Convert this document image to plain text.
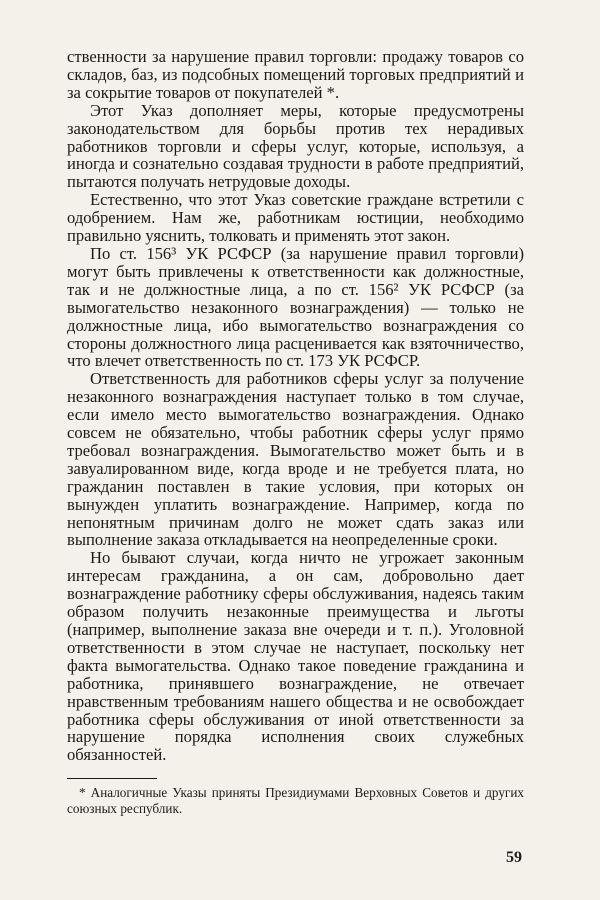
ственности за нарушение правил торговли: продажу товаров со складов, баз, из подсобных помещений торговых предприятий и за сокрытие товаров от покупателей *.

Этот Указ дополняет меры, которые предусмотрены законодательством для борьбы против тех нерадивых работников торговли и сферы услуг, которые, используя, а иногда и сознательно создавая трудности в работе предприятий, пытаются получать нетрудовые доходы.

Естественно, что этот Указ советские граждане встретили с одобрением. Нам же, работникам юстиции, необходимо правильно уяснить, толковать и применять этот закон.

По ст. 156³ УК РСФСР (за нарушение правил торговли) могут быть привлечены к ответственности как должностные, так и не должностные лица, а по ст. 156² УК РСФСР (за вымогательство незаконного вознаграждения) — только не должностные лица, ибо вымогательство вознаграждения со стороны должностного лица расценивается как взяточничество, что влечет ответственность по ст. 173 УК РСФСР.

Ответственность для работников сферы услуг за получение незаконного вознаграждения наступает только в том случае, если имело место вымогательство вознаграждения. Однако совсем не обязательно, чтобы работник сферы услуг прямо требовал вознаграждения. Вымогательство может быть и в завуалированном виде, когда вроде и не требуется плата, но гражданин поставлен в такие условия, при которых он вынужден уплатить вознаграждение. Например, когда по непонятным причинам долго не может сдать заказ или выполнение заказа откладывается на неопределенные сроки.

Но бывают случаи, когда ничто не угрожает законным интересам гражданина, а он сам, добровольно дает вознаграждение работнику сферы обслуживания, надеясь таким образом получить незаконные преимущества и льготы (например, выполнение заказа вне очереди и т. п.). Уголовной ответственности в этом случае не наступает, поскольку нет факта вымогательства. Однако такое поведение гражданина и работника, принявшего вознаграждение, не отвечает нравственным требованиям нашего общества и не освобождает работника сферы обслуживания от иной ответственности за нарушение порядка исполнения своих служебных обязанностей.

* Аналогичные Указы приняты Президиумами Верховных Советов и других союзных республик.

59
